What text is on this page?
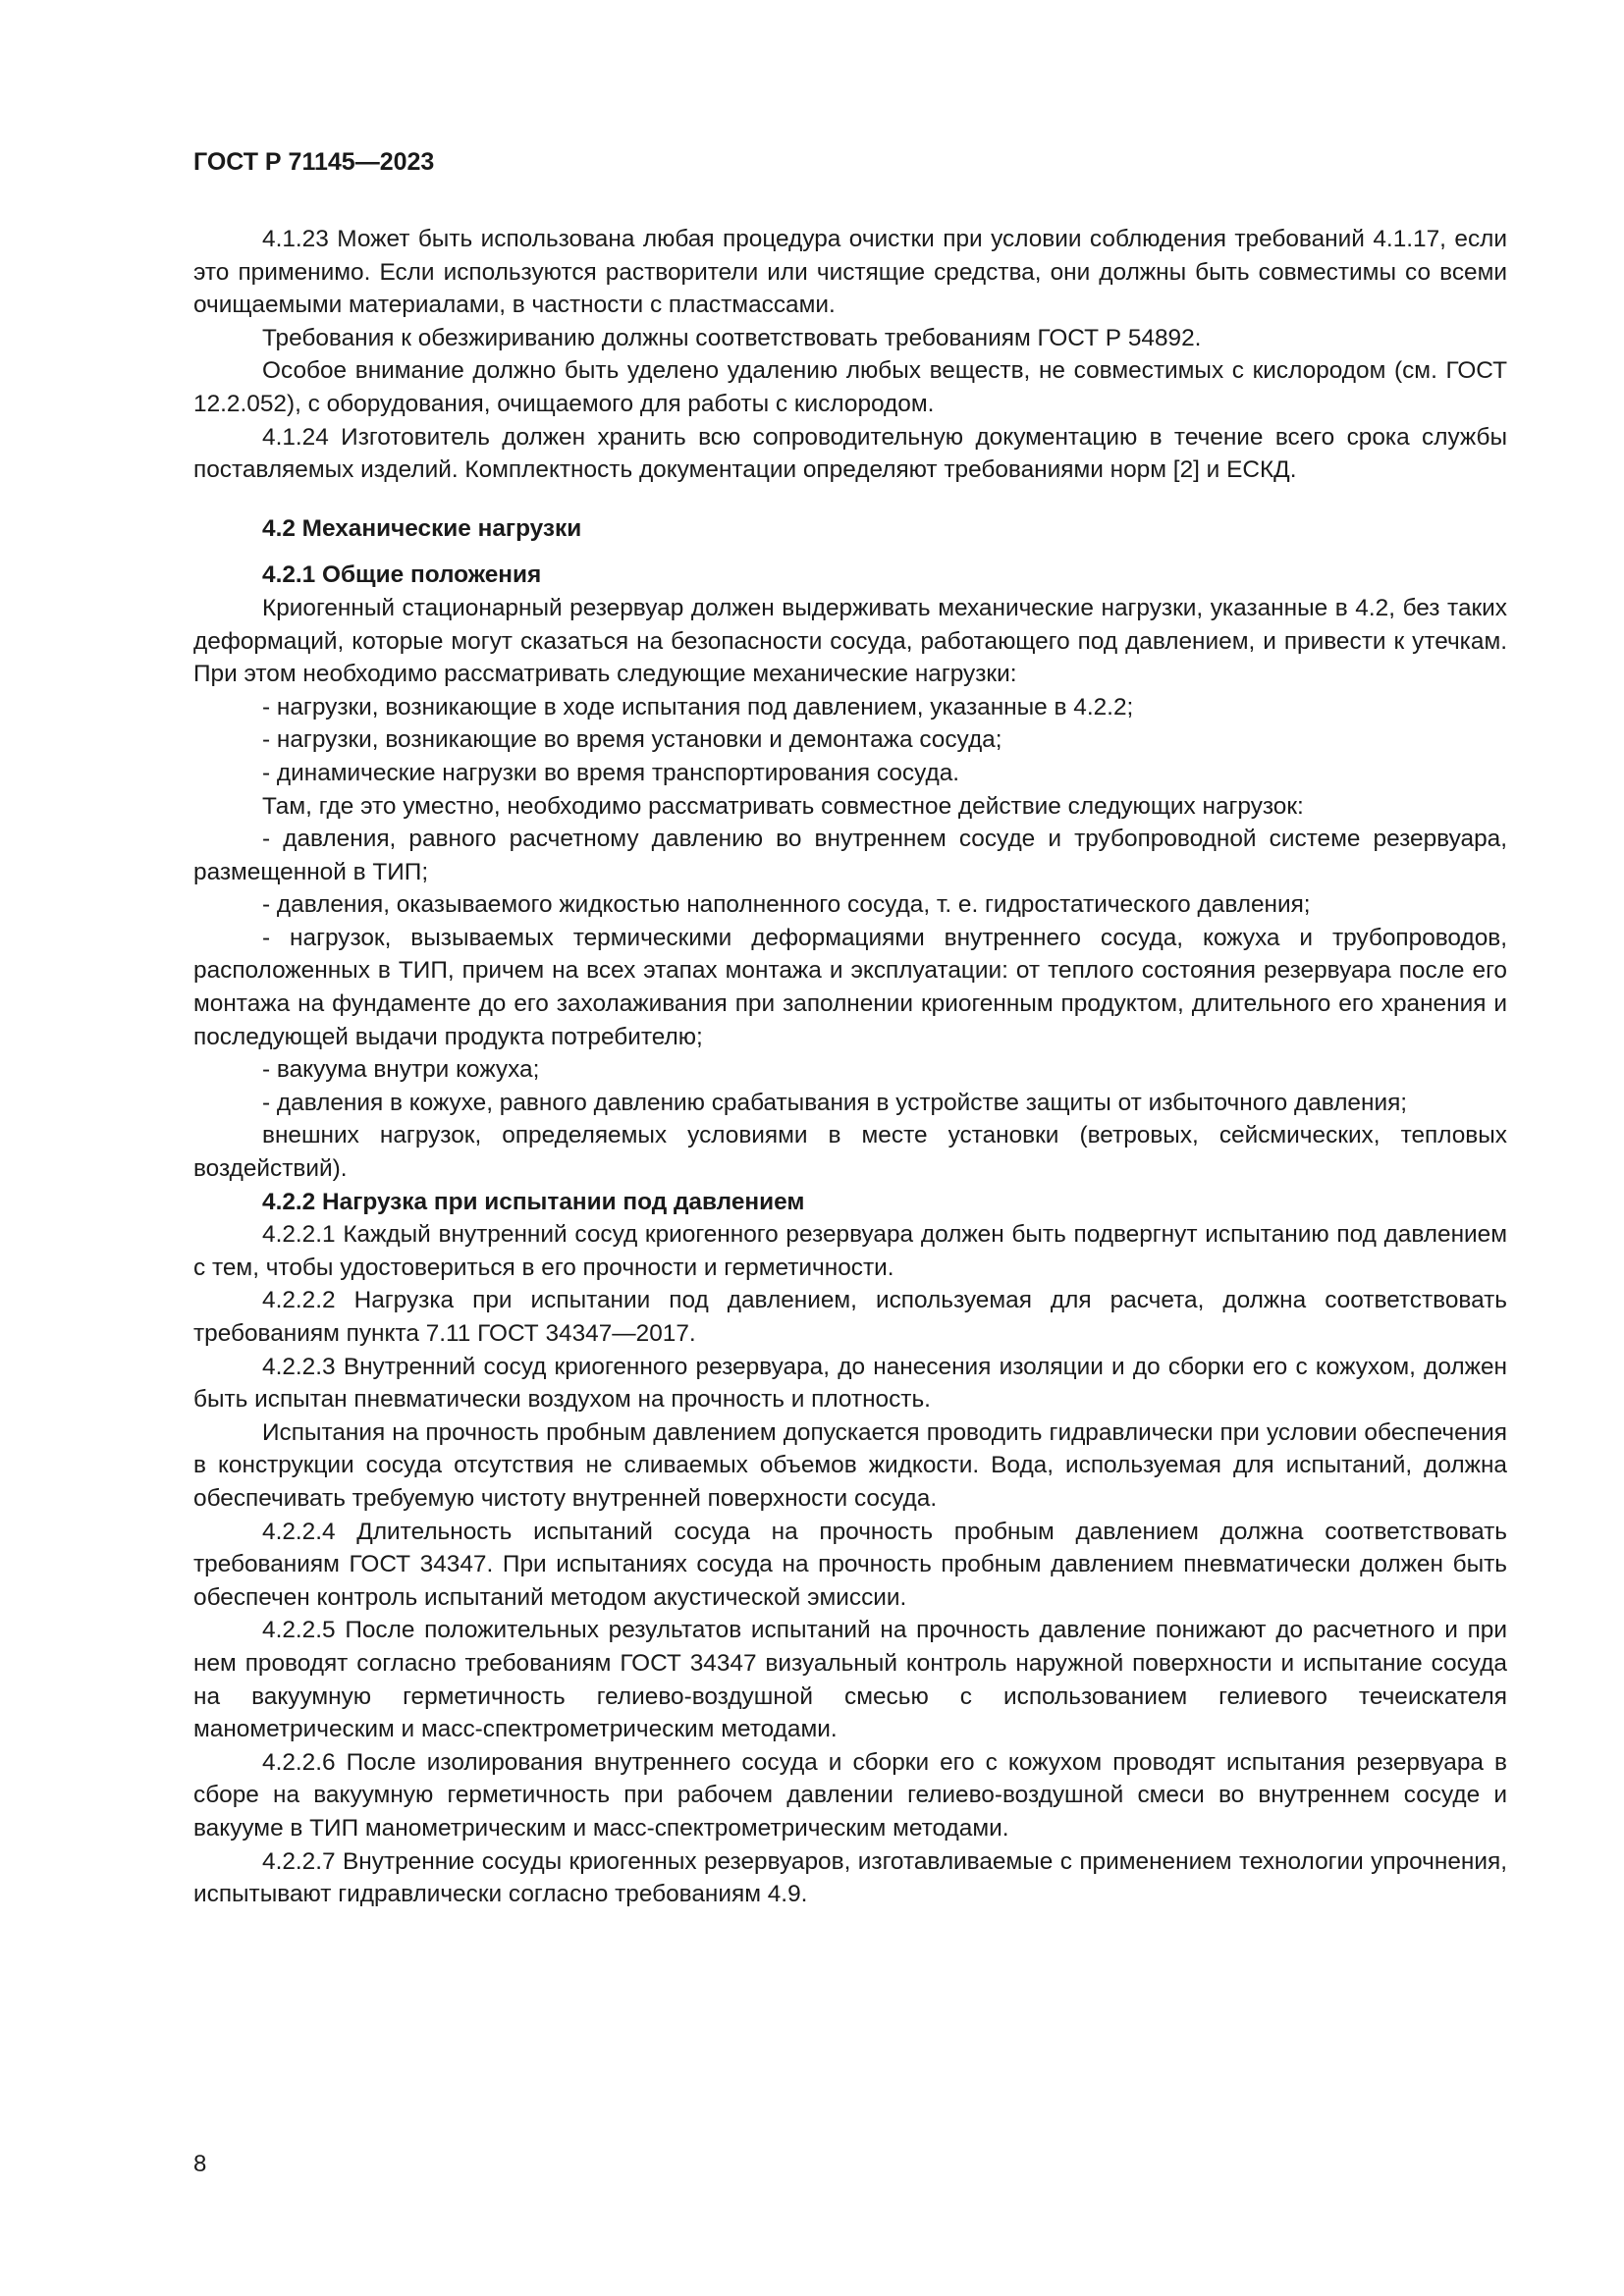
ГОСТ Р 71145—2023

4.1.23 Может быть использована любая процедура очистки при условии соблюдения требований 4.1.17, если это применимо. Если используются растворители или чистящие средства, они должны быть совместимы со всеми очищаемыми материалами, в частности с пластмассами.

Требования к обезжириванию должны соответствовать требованиям ГОСТ Р 54892.

Особое внимание должно быть уделено удалению любых веществ, не совместимых с кислородом (см. ГОСТ 12.2.052), с оборудования, очищаемого для работы с кислородом.

4.1.24 Изготовитель должен хранить всю сопроводительную документацию в течение всего срока службы поставляемых изделий. Комплектность документации определяют требованиями норм [2] и ЕСКД.

4.2 Механические нагрузки
4.2.1 Общие положения

Криогенный стационарный резервуар должен выдерживать механические нагрузки, указанные в 4.2, без таких деформаций, которые могут сказаться на безопасности сосуда, работающего под давлением, и привести к утечкам. При этом необходимо рассматривать следующие механические нагрузки:

- нагрузки, возникающие в ходе испытания под давлением, указанные в 4.2.2;

- нагрузки, возникающие во время установки и демонтажа сосуда;

- динамические нагрузки во время транспортирования сосуда.

Там, где это уместно, необходимо рассматривать совместное действие следующих нагрузок:

- давления, равного расчетному давлению во внутреннем сосуде и трубопроводной системе резервуара, размещенной в ТИП;

- давления, оказываемого жидкостью наполненного сосуда, т. е. гидростатического давления;

- нагрузок, вызываемых термическими деформациями внутреннего сосуда, кожуха и трубопроводов, расположенных в ТИП, причем на всех этапах монтажа и эксплуатации: от теплого состояния резервуара после его монтажа на фундаменте до его захолаживания при заполнении криогенным продуктом, длительного его хранения и последующей выдачи продукта потребителю;

- вакуума внутри кожуха;

- давления в кожухе, равного давлению срабатывания в устройстве защиты от избыточного давления;

внешних нагрузок, определяемых условиями в месте установки (ветровых, сейсмических, тепловых воздействий).

4.2.2 Нагрузка при испытании под давлением

4.2.2.1 Каждый внутренний сосуд криогенного резервуара должен быть подвергнут испытанию под давлением с тем, чтобы удостовериться в его прочности и герметичности.

4.2.2.2 Нагрузка при испытании под давлением, используемая для расчета, должна соответствовать требованиям пункта 7.11 ГОСТ 34347—2017.

4.2.2.3 Внутренний сосуд криогенного резервуара, до нанесения изоляции и до сборки его с кожухом, должен быть испытан пневматически воздухом на прочность и плотность.

Испытания на прочность пробным давлением допускается проводить гидравлически при условии обеспечения в конструкции сосуда отсутствия не сливаемых объемов жидкости. Вода, используемая для испытаний, должна обеспечивать требуемую чистоту внутренней поверхности сосуда.

4.2.2.4 Длительность испытаний сосуда на прочность пробным давлением должна соответствовать требованиям ГОСТ 34347. При испытаниях сосуда на прочность пробным давлением пневматически должен быть обеспечен контроль испытаний методом акустической эмиссии.

4.2.2.5 После положительных результатов испытаний на прочность давление понижают до расчетного и при нем проводят согласно требованиям ГОСТ 34347 визуальный контроль наружной поверхности и испытание сосуда на вакуумную герметичность гелиево-воздушной смесью с использованием гелиевого течеискателя манометрическим и масс-спектрометрическим методами.

4.2.2.6 После изолирования внутреннего сосуда и сборки его с кожухом проводят испытания резервуара в сборе на вакуумную герметичность при рабочем давлении гелиево-воздушной смеси во внутреннем сосуде и вакууме в ТИП манометрическим и масс-спектрометрическим методами.

4.2.2.7 Внутренние сосуды криогенных резервуаров, изготавливаемые с применением технологии упрочнения, испытывают гидравлически согласно требованиям 4.9.

8
